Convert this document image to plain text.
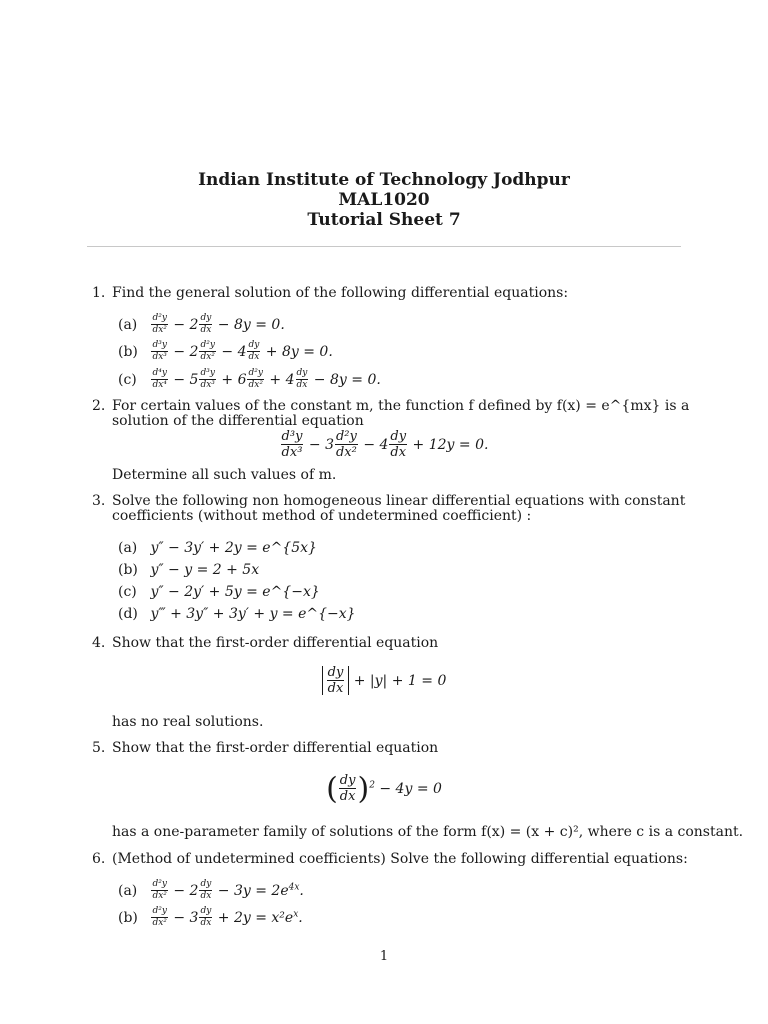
Indian Institute of Technology Jodhpur
MAL1020
Tutorial Sheet 7
1. Find the general solution of the following differential equations:
$(a) \frac{\text{d²y}}{\text{dx²}} - 2 \frac{dy}{dx} - 8y = 0$.
$(b) \frac{\text{d³y}}{\text{dx³}} - 2 \frac{\text{d²y}}{\text{dx²}} - 4 \frac{dy}{dx} + 8y = 0$.
$(c) \frac{\text{d⁴y}}{\text{dx⁴}} - 5 \frac{\text{d³y}}{\text{dx³}} + 6 \frac{\text{d²y}}{\text{dx²}} + 4 \frac{dy}{dx} - 8y = 0$.
2. For certain values of the constant m, the function f defined by f(x) = e^{mx} is a solution of the differential equation
$\frac{\text{d³y}}{\text{dx³}} - 3 \frac{\text{d²y}}{\text{dx²}} - 4 \frac{dy}{dx} + 12y = 0$.
Determine all such values of m.
3. Solve the following non homogeneous linear differential equations with constant coefficients (without method of undetermined coefficient) :
(a) y″ − 3y′ + 2y = e^{5x}
(b) y″ − y = 2 + 5x
(c) y″ − 2y′ + 5y = e^{−x}
(d) y‴ + 3y″ + 3y′ + y = e^{−x}
4. Show that the first-order differential equation
$\frac{dy}{dx} + |y| + 1 = 0$
has no real solutions.
5. Show that the first-order differential equation
( $\frac{dy}{dx} )^2 - 4y = 0$
has a one-parameter family of solutions of the form f(x) = (x + c)², where c is a constant.
6. (Method of undetermined coefficients) Solve the following differential equations:
$(a) \frac{\text{d²y}}{\text{dx²}} - 2 \frac{dy}{dx} - 3y = 2e^{4x}$.
$(b) \frac{\text{d²y}}{\text{dx²}} - 3 \frac{dy}{dx} + 2y = x^2e^x$.
1
